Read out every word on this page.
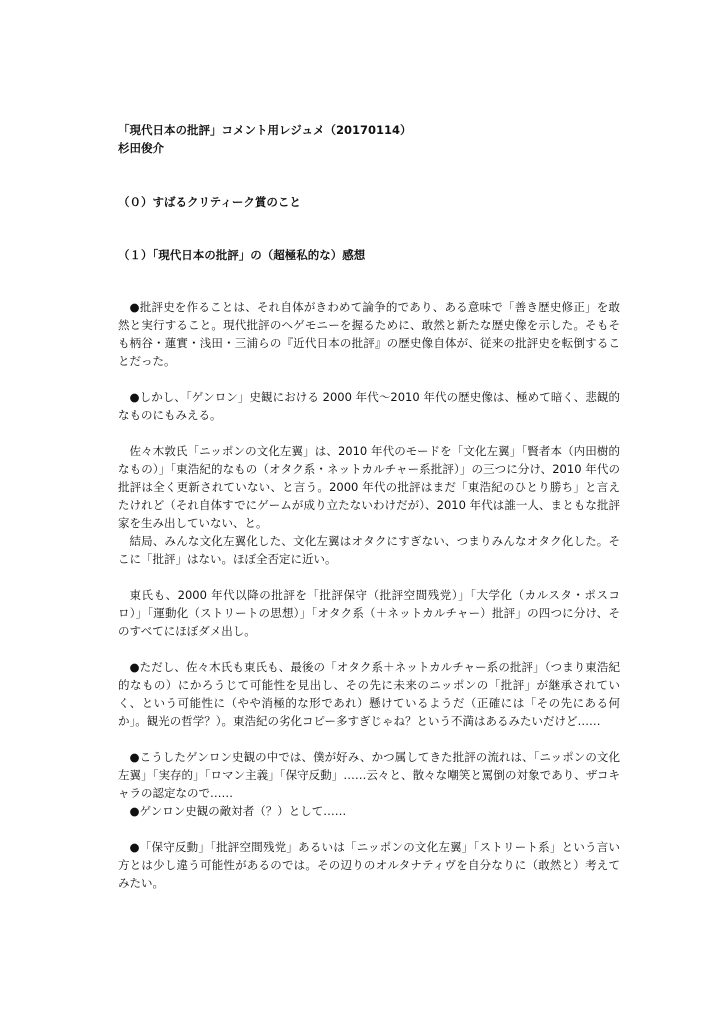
「現代日本の批評」コメント用レジュメ（20170114）
杉田俊介
（０）すばるクリティーク賞のこと
（１）「現代日本の批評」の（超極私的な）感想

●批評史を作ることは、それ自体がきわめて論争的であり、ある意味で「善き歴史修正」を敢然と実行すること。現代批評のヘゲモニーを握るために、敢然と新たな歴史像を示した。そもそも柄谷・蓮實・浅田・三浦らの『近代日本の批評』の歴史像自体が、従来の批評史を転倒することだった。

●しかし、「ゲンロン」史観における 2000 年代〜2010 年代の歴史像は、極めて暗く、悲観的なものにもみえる。

佐々木敦氏「ニッポンの文化左翼」は、2010 年代のモードを「文化左翼」「賢者本（内田樹的なもの）」「東浩紀的なもの（オタク系・ネットカルチャー系批評）」の三つに分け、2010 年代の批評は全く更新されていない、と言う。2000 年代の批評はまだ「東浩紀のひとり勝ち」と言えたけれど（それ自体すでにゲームが成り立たないわけだが）、2010 年代は誰一人、まともな批評家を生み出していない、と。

結局、みんな文化左翼化した、文化左翼はオタクにすぎない、つまりみんなオタク化した。そこに「批評」はない。ほぼ全否定に近い。

東氏も、2000 年代以降の批評を「批評保守（批評空間残党）」「大学化（カルスタ・ポスコロ）」「運動化（ストリートの思想）」「オタク系（＋ネットカルチャー）批評」の四つに分け、そのすべてにほぼダメ出し。

●ただし、佐々木氏も東氏も、最後の「オタク系＋ネットカルチャー系の批評」（つまり東浩紀的なもの）にかろうじて可能性を見出し、その先に未来のニッポンの「批評」が継承されていく、という可能性に（やや消極的な形であれ）懸けているようだ（正確には「その先にある何か」。観光の哲学？）。東浩紀の劣化コピー多すぎじゃね？という不満はあるみたいだけど……

●こうしたゲンロン史観の中では、僕が好み、かつ属してきた批評の流れは、「ニッポンの文化左翼」「実存的」「ロマン主義」「保守反動」……云々と、散々な嘲笑と罵倒の対象であり、ザコキャラの認定なので……

●ゲンロン史観の敵対者（？）として……

●「保守反動」「批評空間残党」あるいは「ニッポンの文化左翼」「ストリート系」という言い方とは少し違う可能性があるのでは。その辺りのオルタナティヴを自分なりに（敢然と）考えてみたい。
